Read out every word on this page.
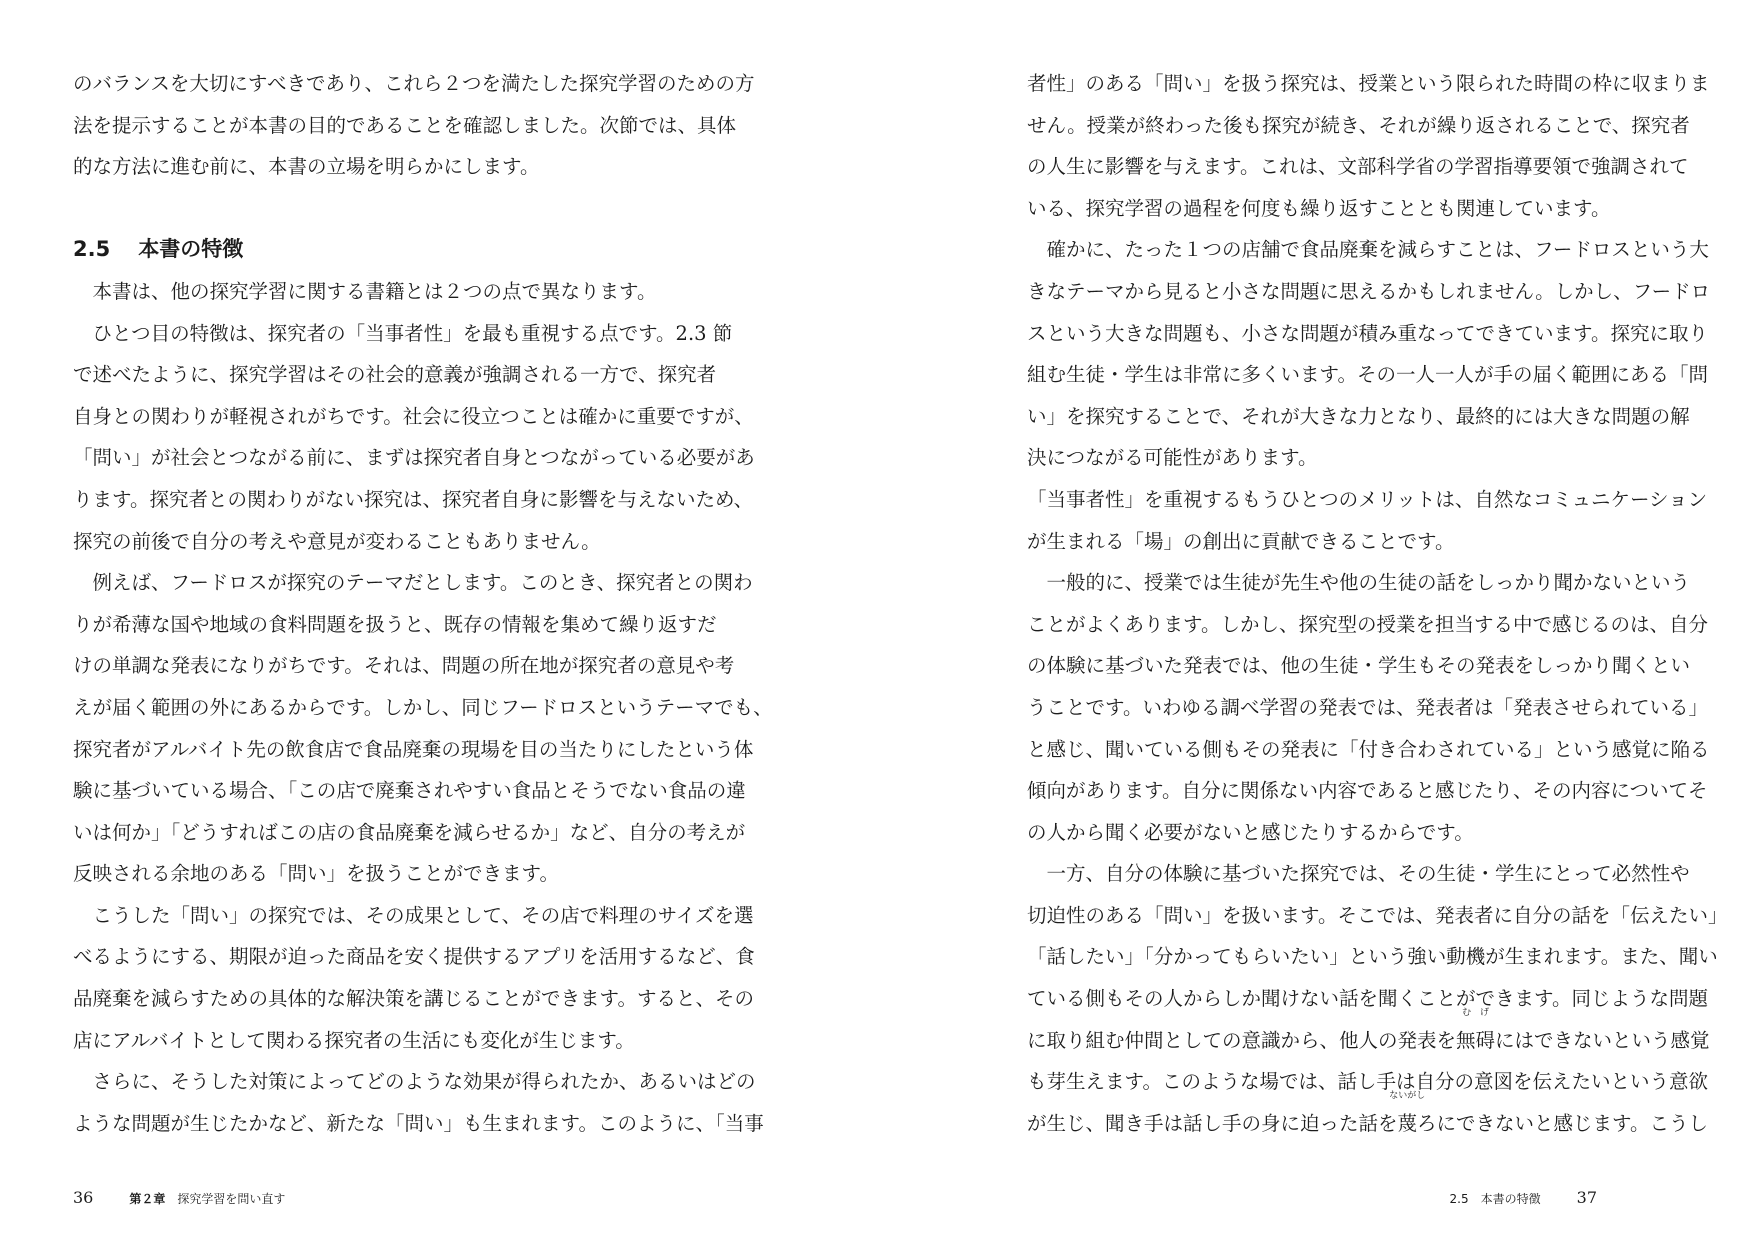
のバランスを大切にすべきであり、これら２つを満たした探究学習のための方
法を提示することが本書の目的であることを確認しました。次節では、具体
的な方法に進む前に、本書の立場を明らかにします。
2.5 本書の特徴
　本書は、他の探究学習に関する書籍とは２つの点で異なります。
　ひとつ目の特徴は、探究者の「当事者性」を最も重視する点です。2.3 節
で述べたように、探究学習はその社会的意義が強調される一方で、探究者
自身との関わりが軽視されがちです。社会に役立つことは確かに重要ですが、
「問い」が社会とつながる前に、まずは探究者自身とつながっている必要があ
ります。探究者との関わりがない探究は、探究者自身に影響を与えないため、
探究の前後で自分の考えや意見が変わることもありません。
　例えば、フードロスが探究のテーマだとします。このとき、探究者との関わ
りが希薄な国や地域の食料問題を扱うと、既存の情報を集めて繰り返すだ
けの単調な発表になりがちです。それは、問題の所在地が探究者の意見や考
えが届く範囲の外にあるからです。しかし、同じフードロスというテーマでも、
探究者がアルバイト先の飲食店で食品廃棄の現場を目の当たりにしたという体
験に基づいている場合、「この店で廃棄されやすい食品とそうでない食品の違
いは何か」「どうすればこの店の食品廃棄を減らせるか」など、自分の考えが
反映される余地のある「問い」を扱うことができます。
　こうした「問い」の探究では、その成果として、その店で料理のサイズを選
べるようにする、期限が迫った商品を安く提供するアプリを活用するなど、食
品廃棄を減らすための具体的な解決策を講じることができます。すると、その
店にアルバイトとして関わる探究者の生活にも変化が生じます。
　さらに、そうした対策によってどのような効果が得られたか、あるいはどの
ような問題が生じたかなど、新たな「問い」も生まれます。このように、「当事
36	第２章 探究学習を問い直す
者性」のある「問い」を扱う探究は、授業という限られた時間の枠に収まりま
せん。授業が終わった後も探究が続き、それが繰り返されることで、探究者
の人生に影響を与えます。これは、文部科学省の学習指導要領で強調されて
いる、探究学習の過程を何度も繰り返すこととも関連しています。
　確かに、たった１つの店舗で食品廃棄を減らすことは、フードロスという大
きなテーマから見ると小さな問題に思えるかもしれません。しかし、フードロ
スという大きな問題も、小さな問題が積み重なってできています。探究に取り
組む生徒・学生は非常に多くいます。その一人一人が手の届く範囲にある「問
い」を探究することで、それが大きな力となり、最終的には大きな問題の解
決につながる可能性があります。
「当事者性」を重視するもうひとつのメリットは、自然なコミュニケーション
が生まれる「場」の創出に貢献できることです。
　一般的に、授業では生徒が先生や他の生徒の話をしっかり聞かないという
ことがよくあります。しかし、探究型の授業を担当する中で感じるのは、自分
の体験に基づいた発表では、他の生徒・学生もその発表をしっかり聞くとい
うことです。いわゆる調べ学習の発表では、発表者は「発表させられている」
と感じ、聞いている側もその発表に「付き合わされている」という感覚に陥る
傾向があります。自分に関係ない内容であると感じたり、その内容についてそ
の人から聞く必要がないと感じたりするからです。
　一方、自分の体験に基づいた探究では、その生徒・学生にとって必然性や
切迫性のある「問い」を扱います。そこでは、発表者に自分の話を「伝えたい」
「話したい」「分かってもらいたい」という強い動機が生まれます。また、聞い
ている側もその人からしか聞けない話を聞くことができます。同じような問題
に取り組む仲間としての意識から、他人の発表を
む　げ
無碍にはできないという感覚
も芽生えます。このような場では、話し手は自分の意図を伝えたいという意欲
が生じ、聞き手は話し手の身に迫った話を
ないがし
蔑ろにできないと感じます。こうし
2.5 本書の特徴 37
